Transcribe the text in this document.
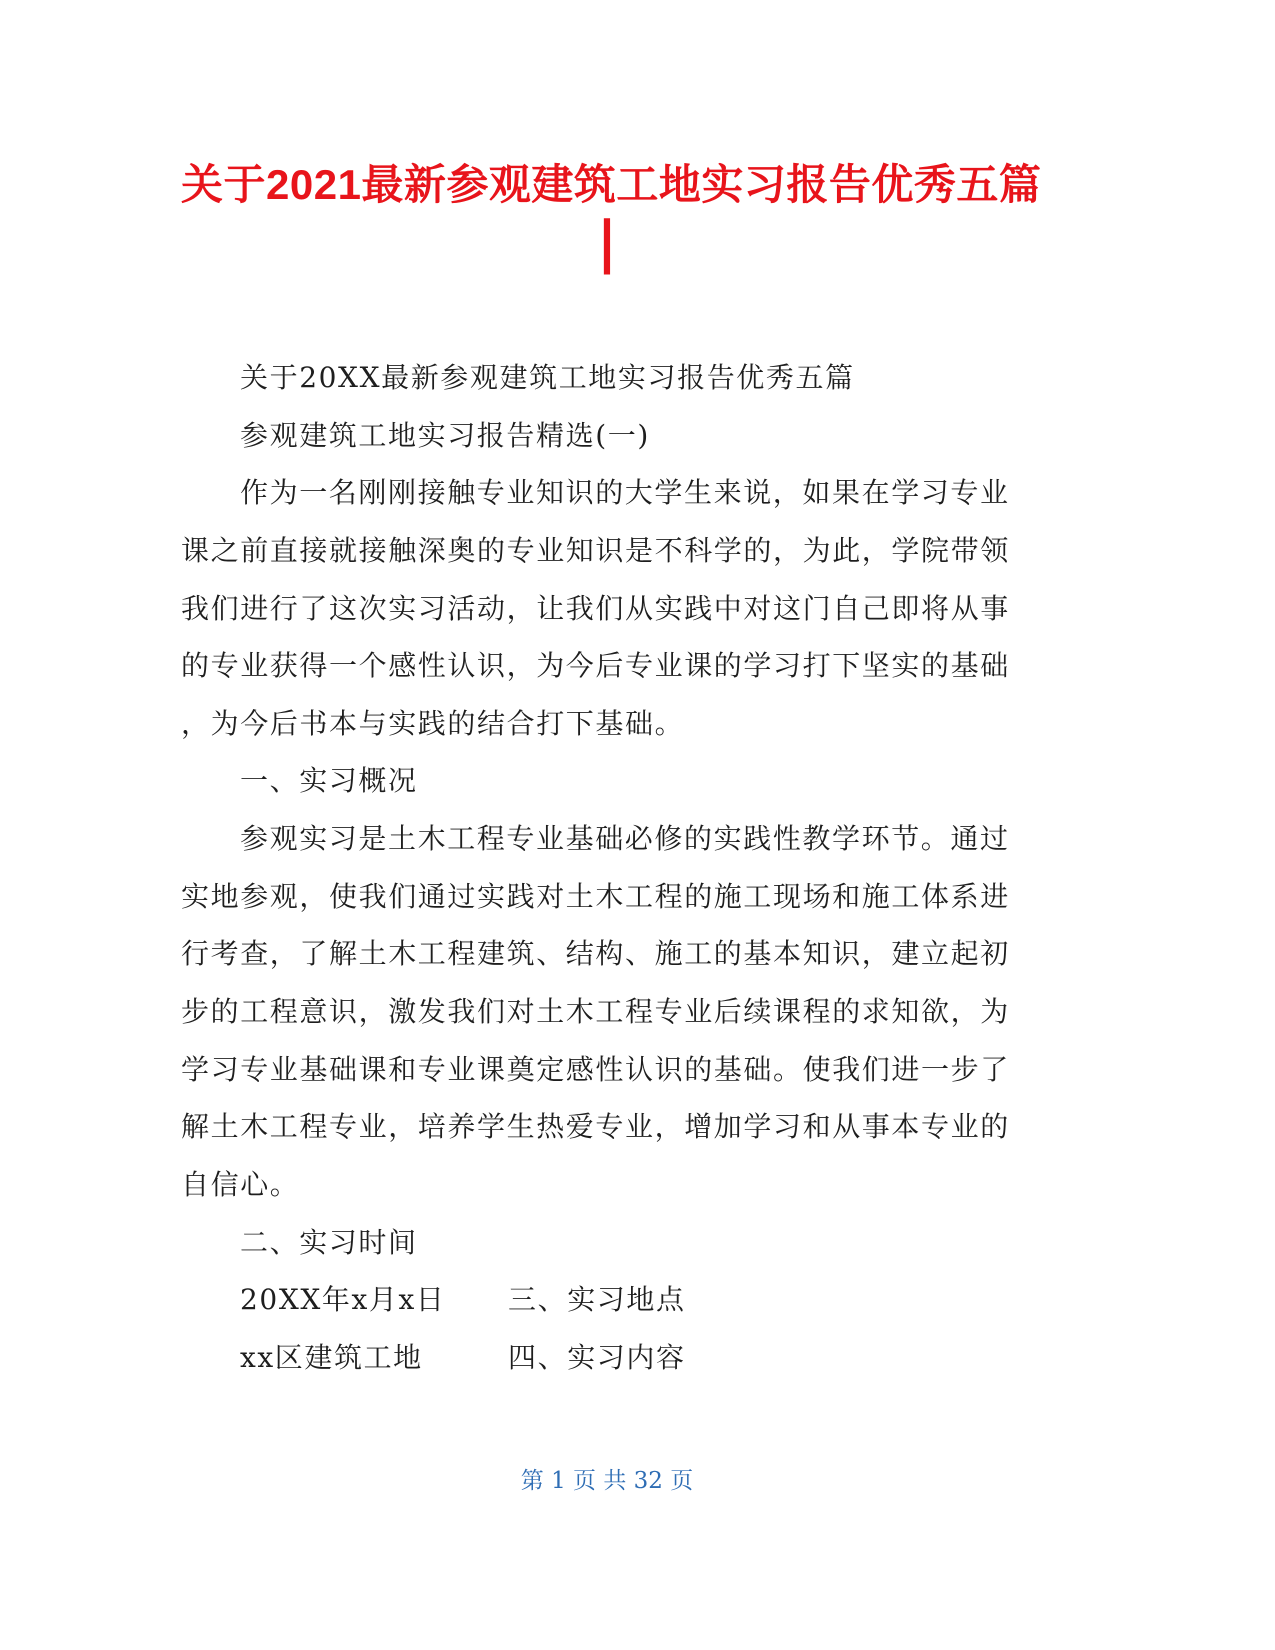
关于2021最新参观建筑工地实习报告优秀五篇
|
关于20XX最新参观建筑工地实习报告优秀五篇
参观建筑工地实习报告精选(一)
作为一名刚刚接触专业知识的大学生来说，如果在学习专业
课之前直接就接触深奥的专业知识是不科学的，为此，学院带领
我们进行了这次实习活动，让我们从实践中对这门自己即将从事
的专业获得一个感性认识，为今后专业课的学习打下坚实的基础
，为今后书本与实践的结合打下基础。
一、实习概况
参观实习是土木工程专业基础必修的实践性教学环节。通过
实地参观，使我们通过实践对土木工程的施工现场和施工体系进
行考查，了解土木工程建筑、结构、施工的基本知识，建立起初
步的工程意识，激发我们对土木工程专业后续课程的求知欲，为
学习专业基础课和专业课奠定感性认识的基础。使我们进一步了
解土木工程专业，培养学生热爱专业，增加学习和从事本专业的
自信心。
二、实习时间
20XX年x月x日 三、实习地点
xx区建筑工地	四、实习内容
第 1 页 共 32 页
